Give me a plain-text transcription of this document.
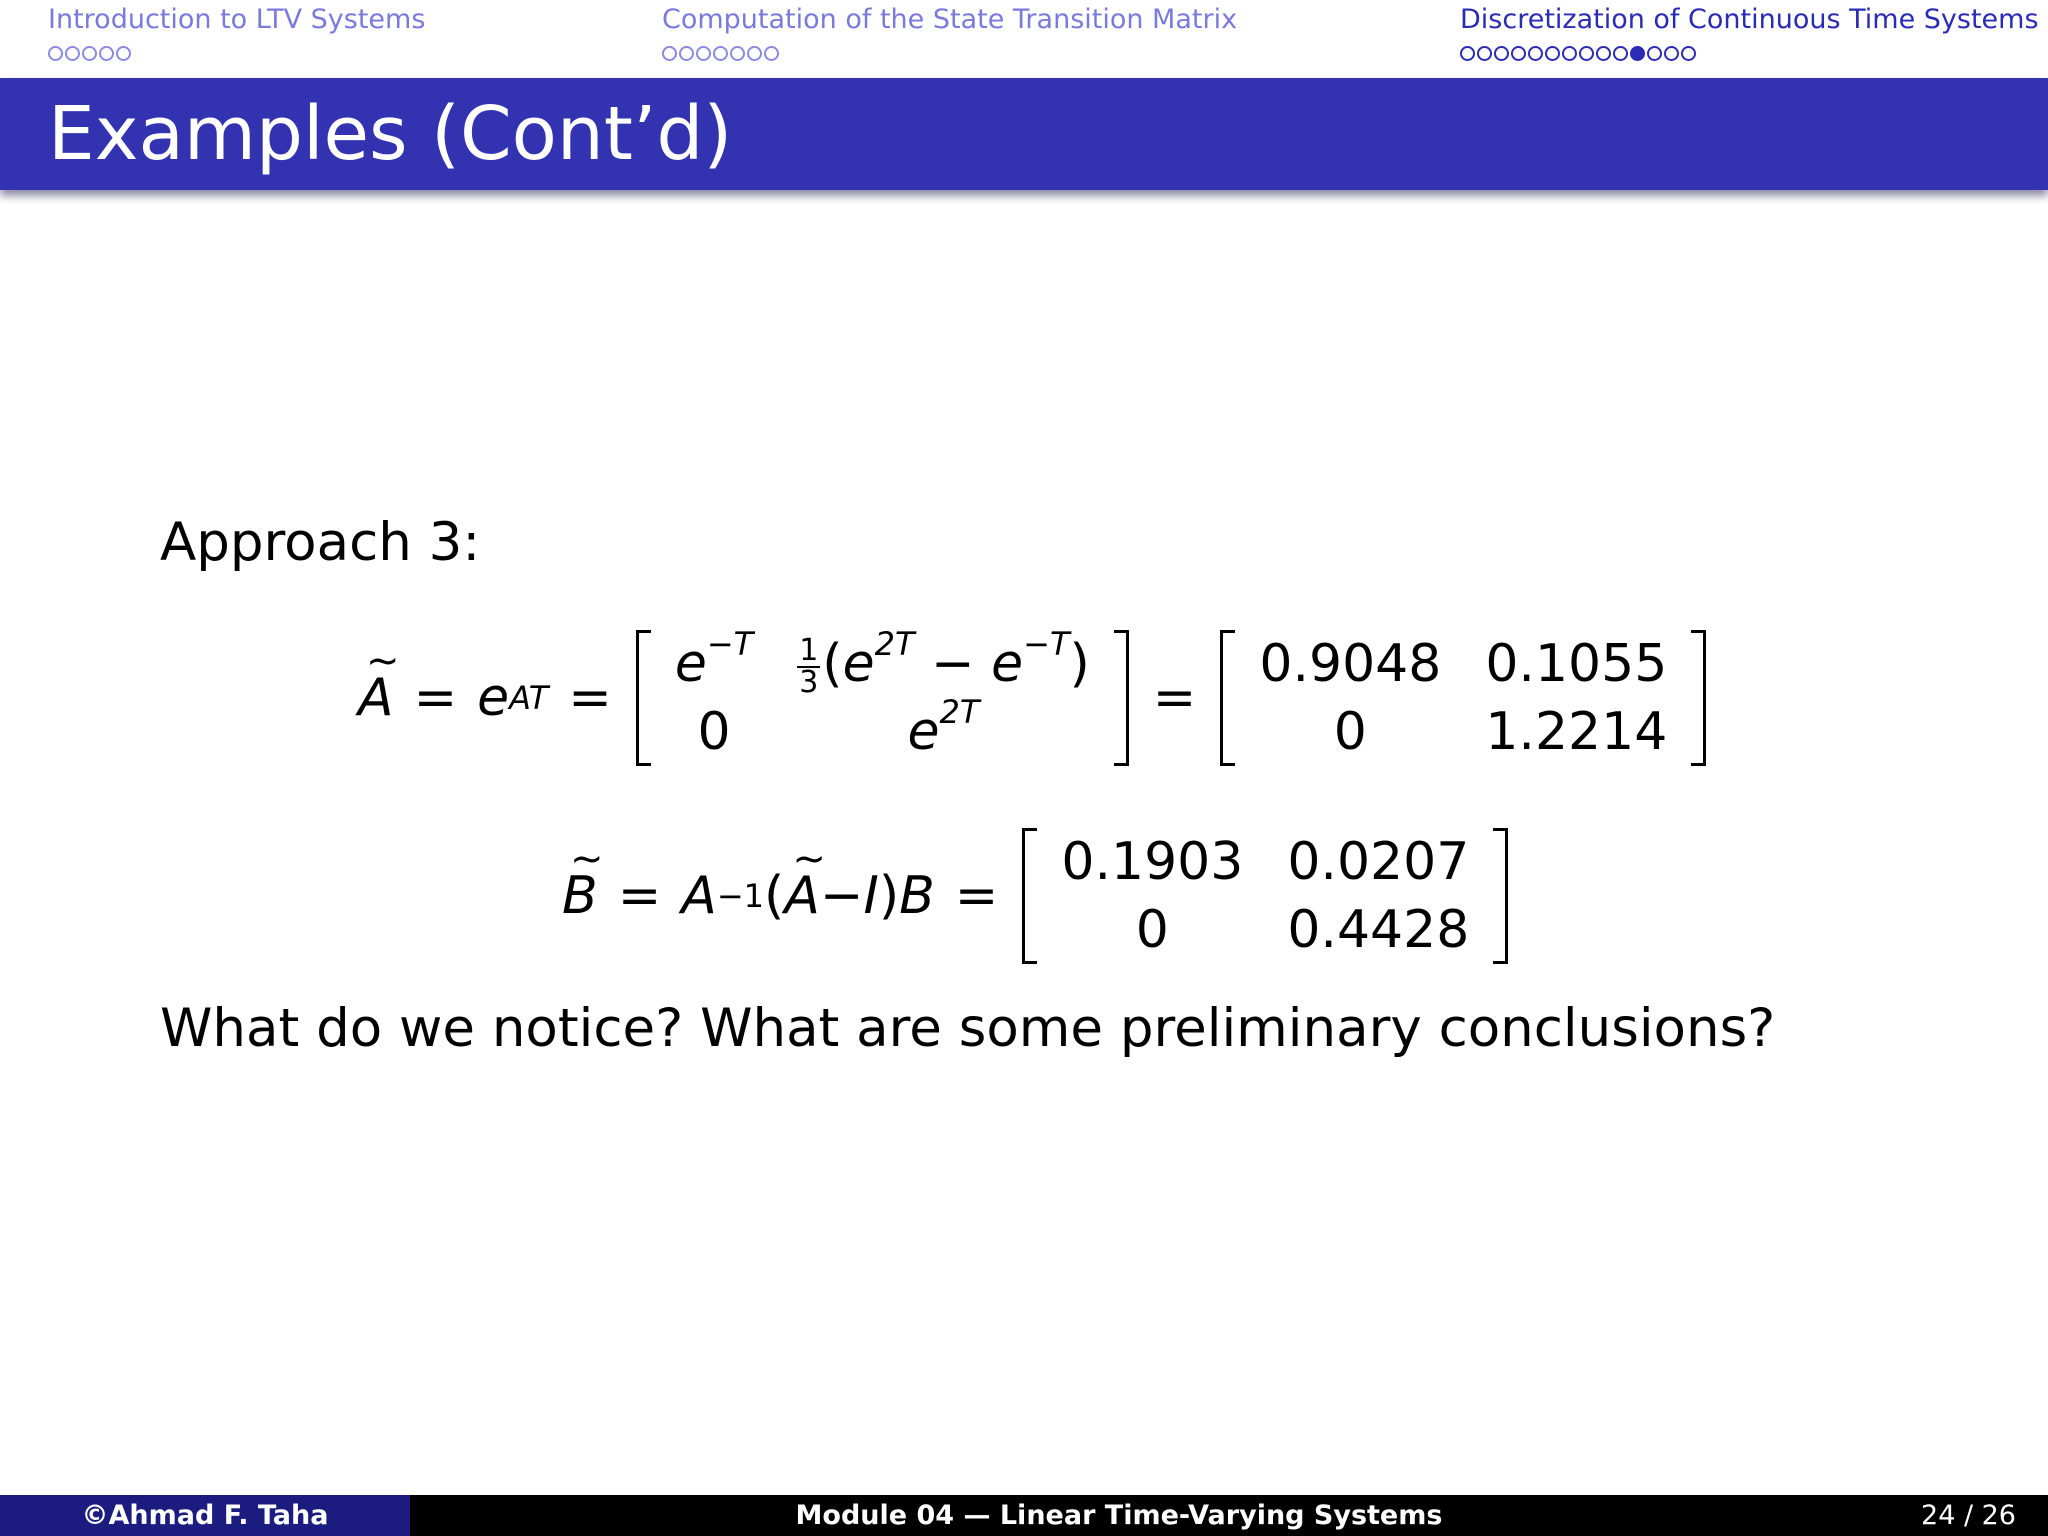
Introduction to LTV Systems	Computation of the State Transition Matrix	Discretization of Continuous Time Systems
Examples (Cont’d)
Approach 3:
~
A = e AT =
$e^{-T}$	$\frac{1}{3} (e^{2T} - e^{-T})$
0	$e^{2T}$	=
0.9048	0.1055
0	1.2214
~
B = A −1 (
~
A − I ) B =
0.1903	0.0207
0	0.4428
What do we notice? What are some preliminary conclusions?
©Ahmad F. Taha	Module 04 — Linear Time-Varying Systems	24 / 26
